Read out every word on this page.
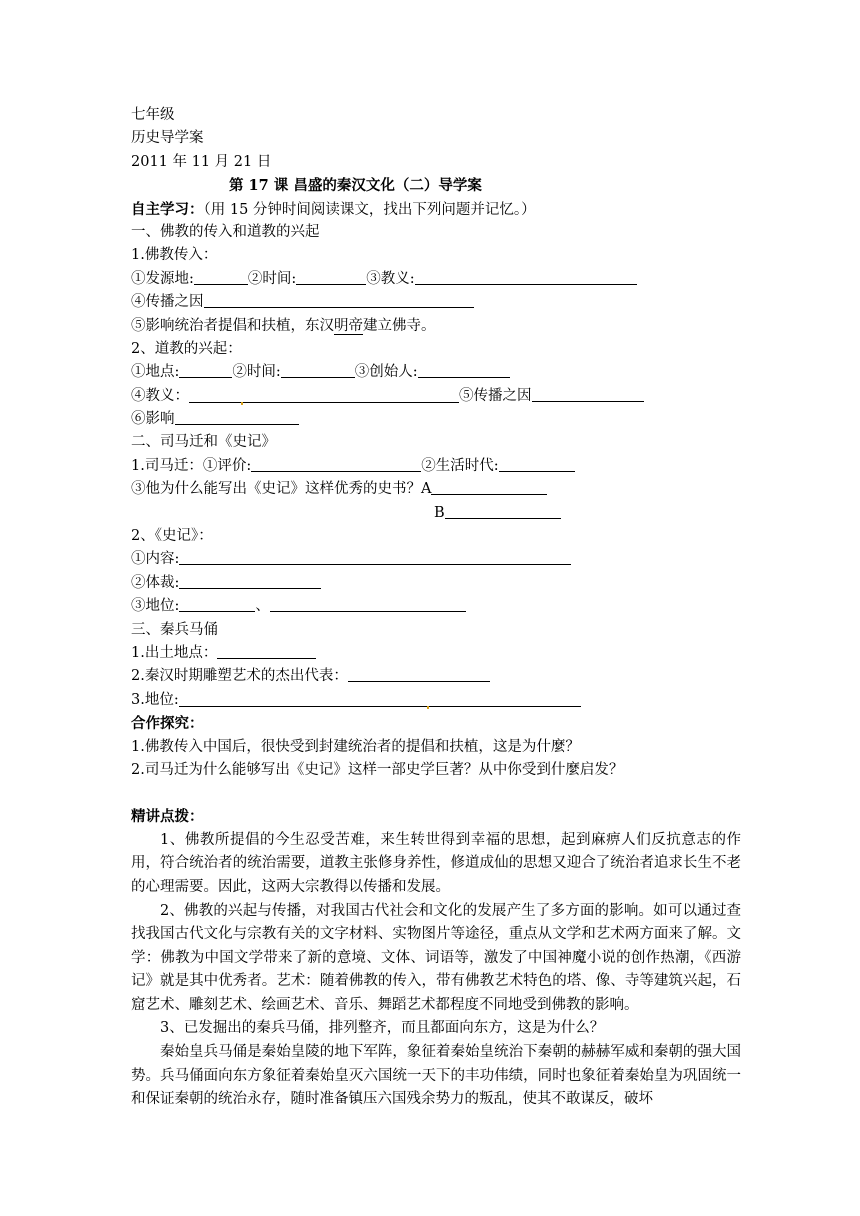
七年级
历史导学案
2011 年 11 月 21 日
第 17 课 昌盛的秦汉文化（二）导学案
自主学习：（用 15 分钟时间阅读课文，找出下列问题并记忆。）
一、佛教的传入和道教的兴起
1.佛教传入：
①发源地:	②时间:	③教义:
④传播之因
⑤影响统治者提倡和扶植，东汉明帝建立佛寺。
2、道教的兴起：
①地点:	②时间:	③创始人:
④教义：	⑤传播之因
⑥影响
二、司马迁和《史记》
1.司马迁：①评价:	②生活时代:
③他为什么能写出《史记》这样优秀的史书？A
B
2、《史记》：
①内容:
②体裁:
③地位:	、
三、秦兵马俑
1.出土地点：
2.秦汉时期雕塑艺术的杰出代表：
3.地位:
合作探究：
1.佛教传入中国后，很快受到封建统治者的提倡和扶植，这是为什麼？
2.司马迁为什么能够写出《史记》这样一部史学巨著？从中你受到什麼启发？
精讲点拨：

1、佛教所提倡的今生忍受苦难，来生转世得到幸福的思想，起到麻痹人们反抗意志的作用，符合统治者的统治需要，道教主张修身养性，修道成仙的思想又迎合了统治者追求长生不老的心理需要。因此，这两大宗教得以传播和发展。

2、佛教的兴起与传播，对我国古代社会和文化的发展产生了多方面的影响。如可以通过查找我国古代文化与宗教有关的文字材料、实物图片等途径，重点从文学和艺术两方面来了解。文学：佛教为中国文学带来了新的意境、文体、词语等，激发了中国神魔小说的创作热潮，《西游记》就是其中优秀者。艺术：随着佛教的传入，带有佛教艺术特色的塔、像、寺等建筑兴起，石窟艺术、雕刻艺术、绘画艺术、音乐、舞蹈艺术都程度不同地受到佛教的影响。

3、已发掘出的秦兵马俑，排列整齐，而且都面向东方，这是为什么？

秦始皇兵马俑是秦始皇陵的地下军阵，象征着秦始皇统治下秦朝的赫赫军威和秦朝的强大国势。兵马俑面向东方象征着秦始皇灭六国统一天下的丰功伟绩，同时也象征着秦始皇为巩固统一和保证秦朝的统治永存，随时准备镇压六国残余势力的叛乱，使其不敢谋反，破坏
